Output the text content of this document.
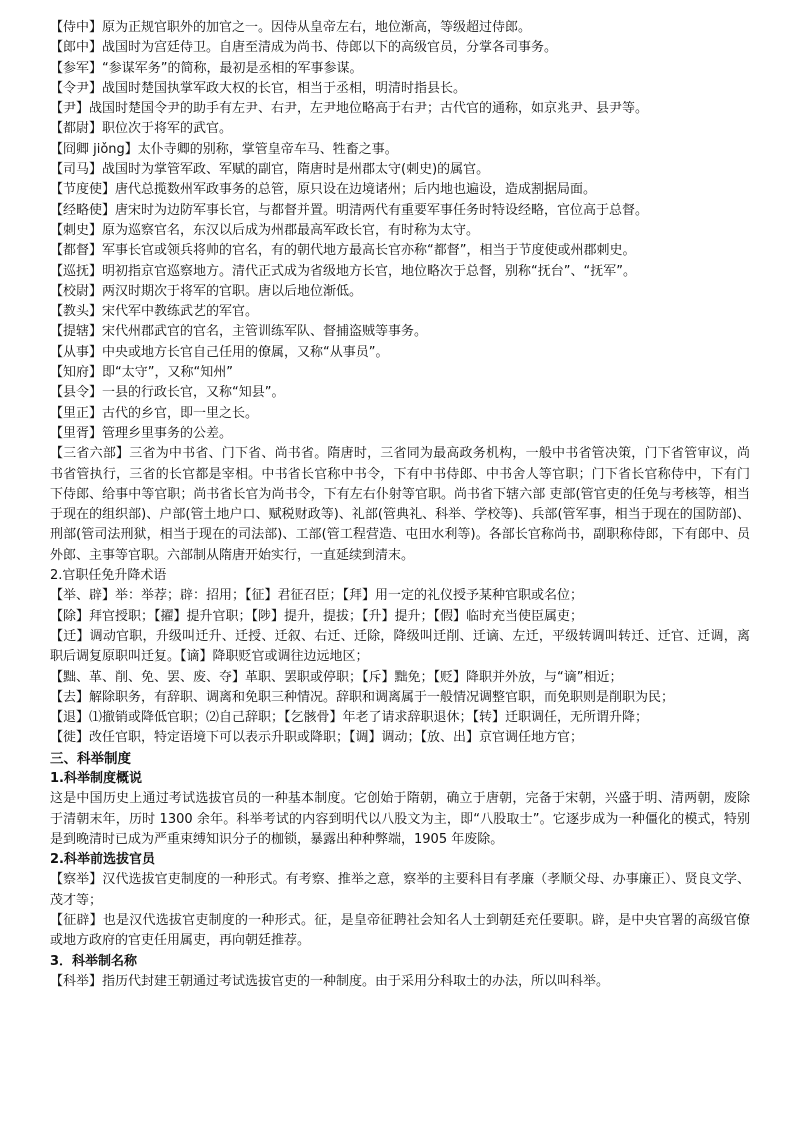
【侍中】原为正规官职外的加官之一。因侍从皇帝左右，地位渐高，等级超过侍郎。

【郎中】战国时为宫廷侍卫。自唐至清成为尚书、侍郎以下的高级官员，分掌各司事务。

【参军】“参谋军务”的简称，最初是丞相的军事参谋。

【令尹】战国时楚国执掌军政大权的长官，相当于丞相，明清时指县长。

【尹】战国时楚国令尹的助手有左尹、右尹，左尹地位略高于右尹；古代官的通称，如京兆尹、县尹等。

【都尉】职位次于将军的武官。

【冏卿 jiǒng】太仆寺卿的别称，掌管皇帝车马、牲畜之事。

【司马】战国时为掌管军政、军赋的副官，隋唐时是州郡太守(刺史)的属官。

【节度使】唐代总揽数州军政事务的总管，原只设在边境诸州；后内地也遍设，造成割据局面。

【经略使】唐宋时为边防军事长官，与都督并置。明清两代有重要军事任务时特设经略，官位高于总督。

【刺史】原为巡察官名，东汉以后成为州郡最高军政长官，有时称为太守。

【都督】军事长官或领兵将帅的官名，有的朝代地方最高长官亦称“都督”，相当于节度使或州郡刺史。

【巡抚】明初指京官巡察地方。清代正式成为省级地方长官，地位略次于总督，别称“抚台”、“抚军”。

【校尉】两汉时期次于将军的官职。唐以后地位渐低。

【教头】宋代军中教练武艺的军官。

【提辖】宋代州郡武官的官名，主管训练军队、督捕盗贼等事务。

【从事】中央或地方长官自己任用的僚属，又称“从事员”。

【知府】即“太守”，又称“知州”

【县令】一县的行政长官，又称“知县”。

【里正】古代的乡官，即一里之长。

【里胥】管理乡里事务的公差。

【三省六部】三省为中书省、门下省、尚书省。隋唐时，三省同为最高政务机构，一般中书省管决策，门下省管审议，尚书省管执行，三省的长官都是宰相。中书省长官称中书令，下有中书侍郎、中书舍人等官职；门下省长官称侍中，下有门下侍郎、给事中等官职；尚书省长官为尚书令，下有左右仆射等官职。尚书省下辖六部 吏部(管官吏的任免与考核等，相当于现在的组织部)、户部(管土地户口、赋税财政等)、礼部(管典礼、科举、学校等)、兵部(管军事，相当于现在的国防部)、刑部(管司法刑狱，相当于现在的司法部)、工部(管工程营造、屯田水利等)。各部长官称尚书，副职称侍郎，下有郎中、员外郎、主事等官职。六部制从隋唐开始实行，一直延续到清末。

2.官职任免升降术语

【举、辟】举：举荐；辟：招用；【征】君征召臣；【拜】用一定的礼仪授予某种官职或名位；

【除】拜官授职；【擢】提升官职；【陟】提升，提拔；【升】提升；【假】临时充当使臣属吏；

【迁】调动官职，升级叫迁升、迁授、迁叙、右迁、迁除，降级叫迁削、迁谪、左迁，平级转调叫转迁、迁官、迁调，离职后调复原职叫迁复。【谪】降职贬官或调往边远地区；

【黜、革、削、免、罢、废、夺】革职、罢职或停职；【斥】黜免；【贬】降职并外放，与“谪”相近；

【去】解除职务，有辞职、调离和免职三种情况。辞职和调离属于一般情况调整官职，而免职则是削职为民；

【退】⑴撤销或降低官职；⑵自己辞职；【乞骸骨】年老了请求辞职退休；【转】迁职调任，无所谓升降；

【徙】改任官职，特定语境下可以表示升职或降职；【调】调动；【放、出】京官调任地方官；

三、科举制度

1.科举制度概说

这是中国历史上通过考试选拔官员的一种基本制度。它创始于隋朝，确立于唐朝，完备于宋朝，兴盛于明、清两朝，废除于清朝末年，历时 1300 余年。科举考试的内容到明代以八股文为主，即“八股取士”。它逐步成为一种僵化的模式，特别是到晚清时已成为严重束缚知识分子的枷锁，暴露出种种弊端，1905 年废除。

2.科举前选拔官员

【察举】汉代选拔官吏制度的一种形式。有考察、推举之意，察举的主要科目有孝廉（孝顺父母、办事廉正）、贤良文学、茂才等；

【征辟】也是汉代选拔官吏制度的一种形式。征，是皇帝征聘社会知名人士到朝廷充任要职。辟，是中央官署的高级官僚或地方政府的官吏任用属吏，再向朝廷推荐。

3．科举制名称

【科举】指历代封建王朝通过考试选拔官吏的一种制度。由于采用分科取士的办法，所以叫科举。
